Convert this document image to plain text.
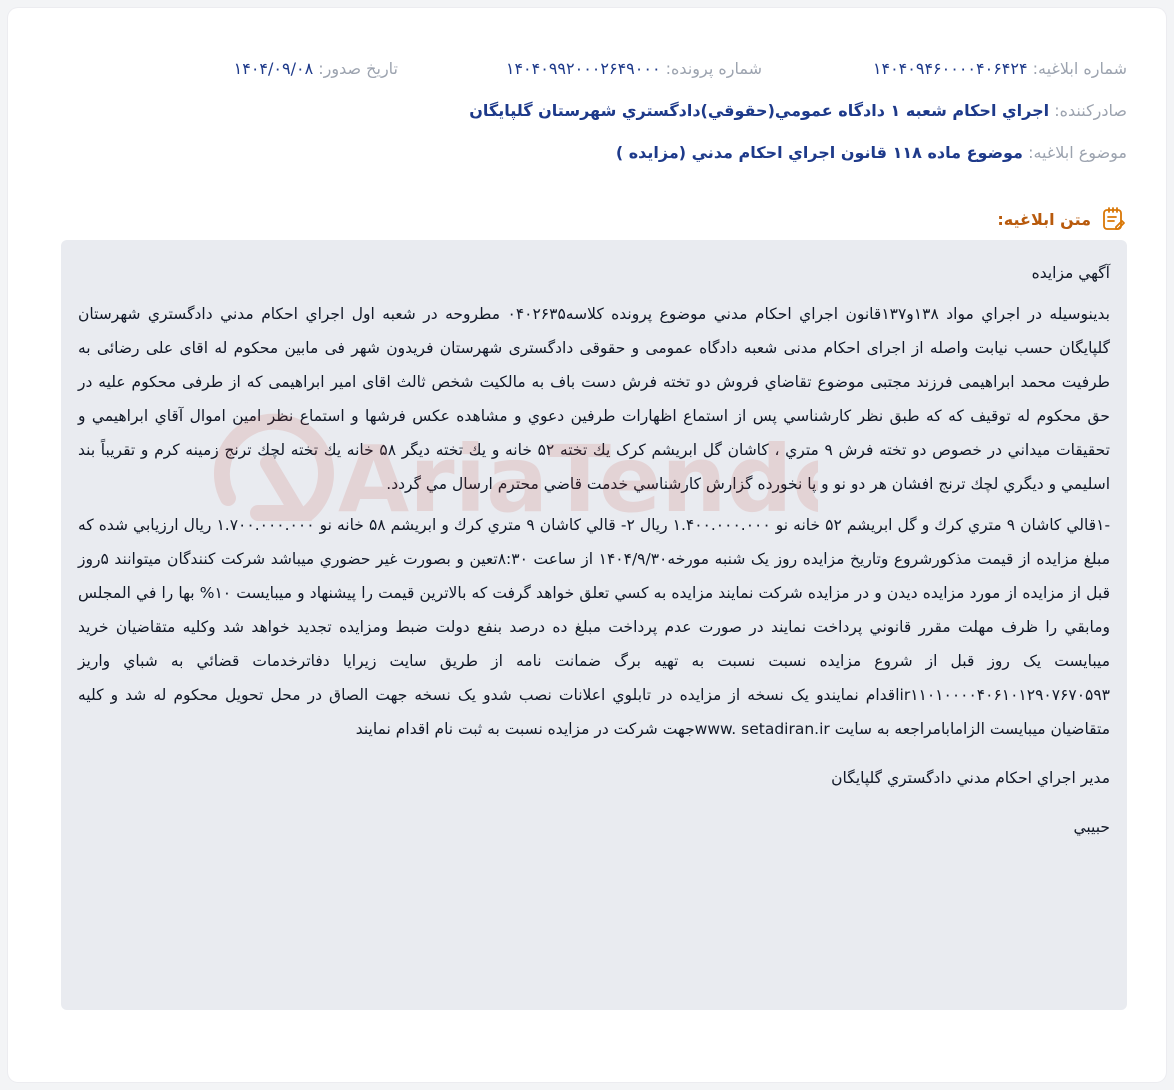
شماره ابلاغيه: ۱۴۰۴۰۹۴۶۰۰۰۰۴۰۶۴۲۴
شماره پرونده: ۱۴۰۴۰۹۹۲۰۰۰۲۶۴۹۰۰۰
تاريخ صدور: ۱۴۰۴/۰۹/۰۸
صادرکننده: اجراي احکام شعبه ۱ دادگاه عمومي(حقوقي)دادگستري شهرستان گلپايگان
موضوع ابلاغيه: موضوع ماده ۱۱۸ قانون اجراي احکام مدني (مزايده )
متن ابلاغيه:

آگهي مزايده

بدينوسيله در اجراي مواد ۱۳۸و۱۳۷قانون اجراي احکام مدني موضوع پرونده کلاسه۰۴۰۲۶۳۵ مطروحه در شعبه اول اجراي احکام مدني دادگستري شهرستان گلپايگان حسب نيابت واصله از اجرای احکام مدنی شعبه دادگاه عمومی و حقوقی دادگستری شهرستان فريدون شهر فی مابين محکوم له اقای علی رضائی به طرفيت محمد ابراهيمی فرزند مجتبی موضوع تقاضاي فروش دو تخته فرش دست باف به مالکيت شخص ثالث اقای امير ابراهيمی که از طرفی محکوم عليه در حق محکوم له توقيف که که طبق نظر کارشناسي پس از استماع اظهارات طرفين دعوي و مشاهده عکس فرشها و استماع نظر امين اموال آقاي ابراهيمي و تحقيقات ميداني در خصوص دو تخته فرش ۹ متري ، کاشان گل ابريشم کرک يك تخته ۵۲ خانه و يك تخته ديگر ۵۸ خانه يك تخته لچك ترنج زمينه کرم و تقريباً بند اسليمي و ديگري لچك ترنج افشان هر دو نو و پا نخورده گزارش کارشناسي خدمت قاضي محترم ارسال مي گردد.

-۱قالي کاشان ۹ متري کرك و گل ابريشم ۵۲ خانه نو ۱.۴۰۰.۰۰۰.۰۰۰ ريال ۲- قالي کاشان ۹ متري کرك و ابريشم ۵۸ خانه نو ۱.۷۰۰.۰۰۰.۰۰۰ ريال ارزيابي شده که مبلغ مزايده از قيمت مذکورشروع وتاريخ مزايده روز يک شنبه مورخه۱۴۰۴/۹/۳۰ از ساعت ۸:۳۰تعين و بصورت غير حضوري ميباشد شرکت کنندگان ميتوانند ۵روز قبل از مزايده از مورد مزايده ديدن و در مزايده شرکت نمايند مزايده به کسي تعلق خواهد گرفت که بالاترين قيمت را پيشنهاد و ميبايست ۱۰% بها را في المجلس ومابقي را ظرف مهلت مقرر قانوني پرداخت نمايند در صورت عدم پرداخت مبلغ ده درصد بنفع دولت ضبط ومزايده تجديد خواهد شد وکليه متقاضيان خريد ميبايست يک روز قبل از شروع مزايده نسبت نسبت به تهيه برگ ضمانت نامه از طريق سايت زيرايا دفاترخدمات قضائي به شباي واريز ir۱۱۰۱۰۰۰۰۴۰۶۱۰۱۲۹۰۷۶۷۰۵۹۳اقدام نمايندو يک نسخه از مزايده در تابلوي اعلانات نصب شدو يک نسخه جهت الصاق در محل تحويل محکوم له شد و کليه متقاضيان ميبايست الزامابامراجعه به سايت www. setadiran.irجهت شرکت در مزايده نسبت به ثبت نام اقدام نمايند

مدير اجراي احکام مدني دادگستري گلپايگان

حبيبي
